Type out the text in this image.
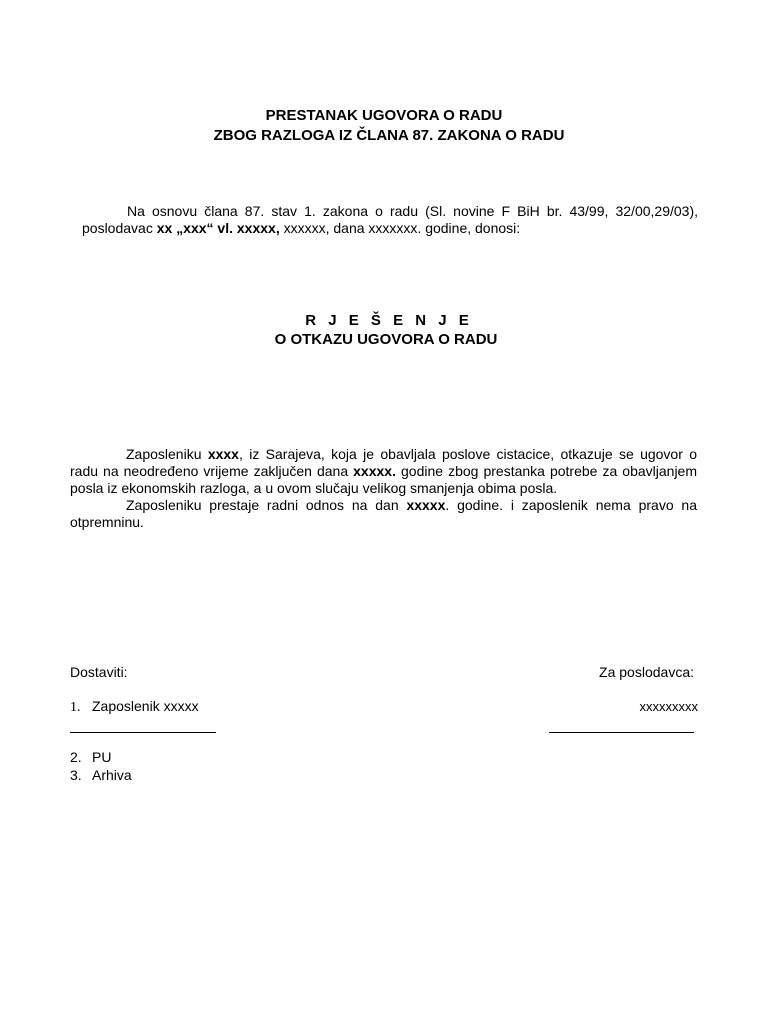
PRESTANAK UGOVORA O RADU
ZBOG RAZLOGA IZ ČLANA 87. ZAKONA O RADU
Na osnovu člana 87. stav 1. zakona o radu (Sl. novine F BiH br. 43/99, 32/00,29/03), poslodavac xx „xxx“ vl. xxxxx, xxxxxx, dana xxxxxxx. godine, donosi:
R J E Š E N J E
O OTKAZU UGOVORA O RADU

Zaposleniku xxxx, iz Sarajeva, koja je obavljala poslove cistacice, otkazuje se ugovor o radu na neodređeno vrijeme zaključen dana xxxxx. godine zbog prestanka potrebe za obavljanjem posla iz ekonomskih razloga, a u ovom slučaju velikog smanjenja obima posla.

Zaposleniku prestaje radni odnos na dan xxxxx. godine. i zaposlenik nema pravo na otpremninu.

Dostaviti:	Za poslodavca:
1. Zaposlenik xxxxx	xxxxxxxxx
2. PU
3. Arhiva
